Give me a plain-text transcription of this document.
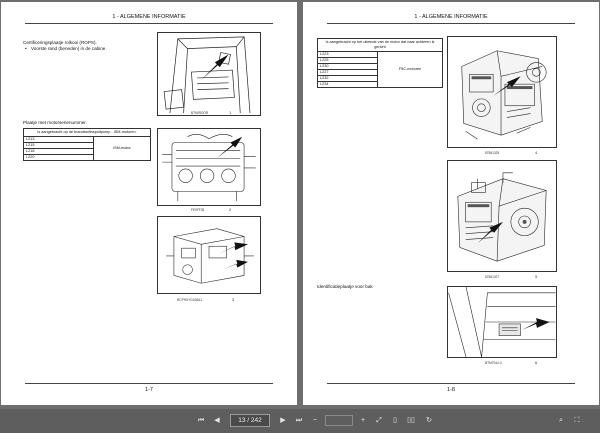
1 - ALGEMENE INFORMATIE
Certificeringsplaatje rolkooi (ROPS).
• Voorste rand (beneden) in de cabine.
BTM/ROOR	1
Plaatje met motorserienummer.
Is aangebracht op de brandstofinspuitpomp - ISM-motoren.
L213	ISM-motor
L215
L218
L220
FE0FF35	2
RCPHXYG108A1	3
1-7
1 - ALGEMENE INFORMATIE
Is aangebracht op het uiteinde van de motor dat naar achteren is gericht
L223	F5C-motoren
L225
L230
L227
L232
L234
87561325	4
87561327	5
Identificatieplaatje voor bak
BTM7044-4	6
1-8
⏮	◀	13 / 242	▶	⏭	−	+	⤢	▯	▯▯ ↻	⌕	⛶
